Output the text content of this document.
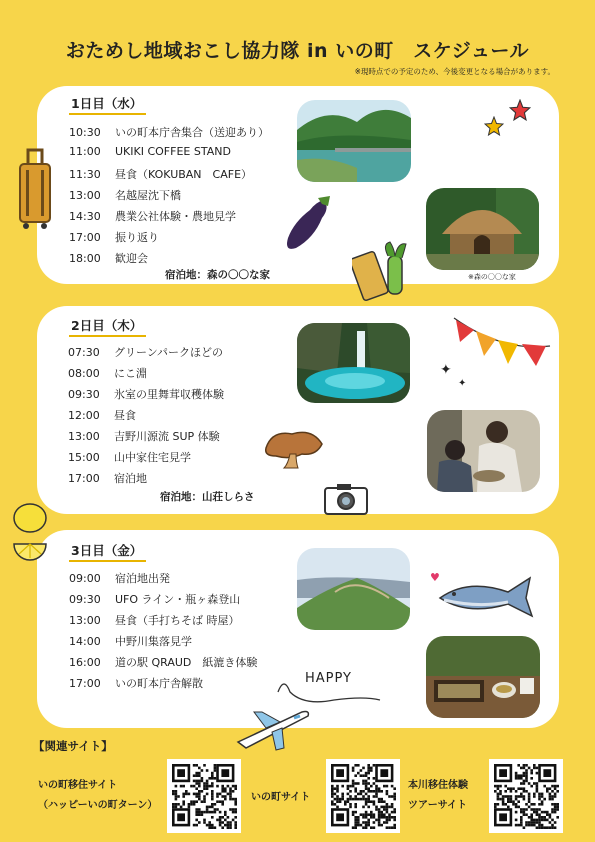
おためし地域おこし協力隊 in いの町　スケジュール
※現時点での予定のため、今後変更となる場合があります。
1日目（水）
10:30 いの町本庁舎集合（送迎あり）
11:00 UKIKI COFFEE STAND
11:30 昼食（KOKUBAN　CAFE）
13:00 名越屋沈下橋
14:30 農業公社体験・農地見学
17:00 振り返り
18:00 歓迎会
宿泊地：森の〇〇な家
2日目（木）
07:30 グリーンパークほどの
08:00 にこ淵
09:30 氷室の里舞茸収穫体験
12:00 昼食
13:00 吉野川源流 SUP 体験
15:00 山中家住宅見学
17:00 宿泊地
宿泊地：山荘しらさ
3日目（金）
09:00 宿泊地出発
09:30 UFO ライン・瓶ヶ森登山
13:00 昼食（手打ちそば 時屋）
14:00 中野川集落見学
16:00 道の駅 QRAUD　紙漉き体験
17:00 いの町本庁舎解散
※森の〇〇な家
✦
✦
♥
HAPPY
【関連サイト】
いの町移住サイト
（ハッピーいの町ターン）
いの町サイト
本川移住体験
ツアーサイト
